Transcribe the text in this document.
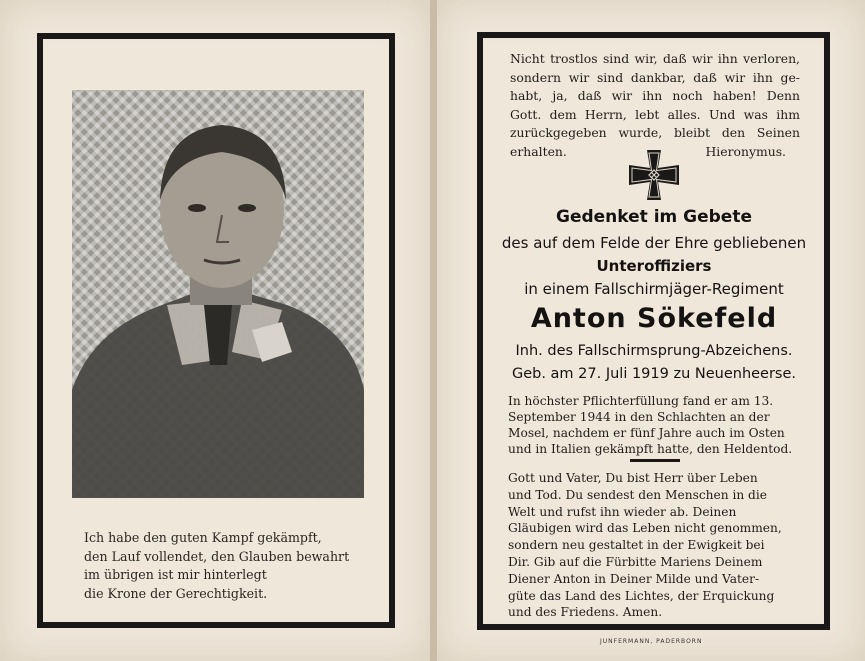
Ich habe den guten Kampf gekämpft,
den Lauf vollendet, den Glauben bewahrt
im übrigen ist mir hinterlegt
die Krone der Gerechtigkeit.
Nicht trostlos sind wir, daß wir ihn verloren,
sondern wir sind dankbar, daß wir ihn ge-
habt, ja, daß wir ihn noch haben! Denn
Gott. dem Herrn, lebt alles. Und was ihm
zurückgegeben wurde, bleibt den Seinen
erhalten.	Hieronymus.
Gedenket im Gebete
des auf dem Felde der Ehre gebliebenen
Unteroffiziers
in einem Fallschirmjäger-Regiment
Anton Sökefeld
Inh. des Fallschirmsprung-Abzeichens.
Geb. am 27. Juli 1919 zu Neuenheerse.
In höchster Pflichterfüllung fand er am 13.
September 1944 in den Schlachten an der
Mosel, nachdem er fünf Jahre auch im Osten
und in Italien gekämpft hatte, den Heldentod.
Gott und Vater, Du bist Herr über Leben
und Tod. Du sendest den Menschen in die
Welt und rufst ihn wieder ab. Deinen
Gläubigen wird das Leben nicht genommen,
sondern neu gestaltet in der Ewigkeit bei
Dir. Gib auf die Fürbitte Mariens Deinem
Diener Anton in Deiner Milde und Vater-
güte das Land des Lichtes, der Erquickung
und des Friedens. Amen.
JUNFERMANN, PADERBORN
